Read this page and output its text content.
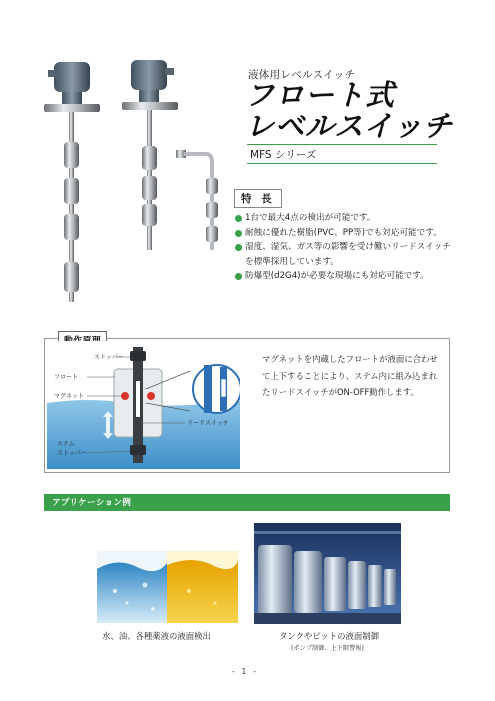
液体用レベルスイッチ
フロート式
レベルスイッチ
MFS シリーズ
特 長
1台で最大4点の検出が可能です。
耐蝕に優れた樹脂(PVC、PP等)でも対応可能です。
湿度、湿気、ガス等の影響を受け難いリードスイッチ
を標準採用しています。
防爆型(d2G4)が必要な現場にも対応可能です。
ストッパー
フロート
マグネット
リードスイッチ
ステム
ストッパー
マグネットを内蔵したフロートが液面に合わせて上下することにより、ステム内に組み込まれたリードスイッチがON-OFF動作します。
アプリケーション例
水、油、各種薬液の液面検出	タンクやピットの液面制御
(ポンプ制御、上下限警報)
- 1 -
